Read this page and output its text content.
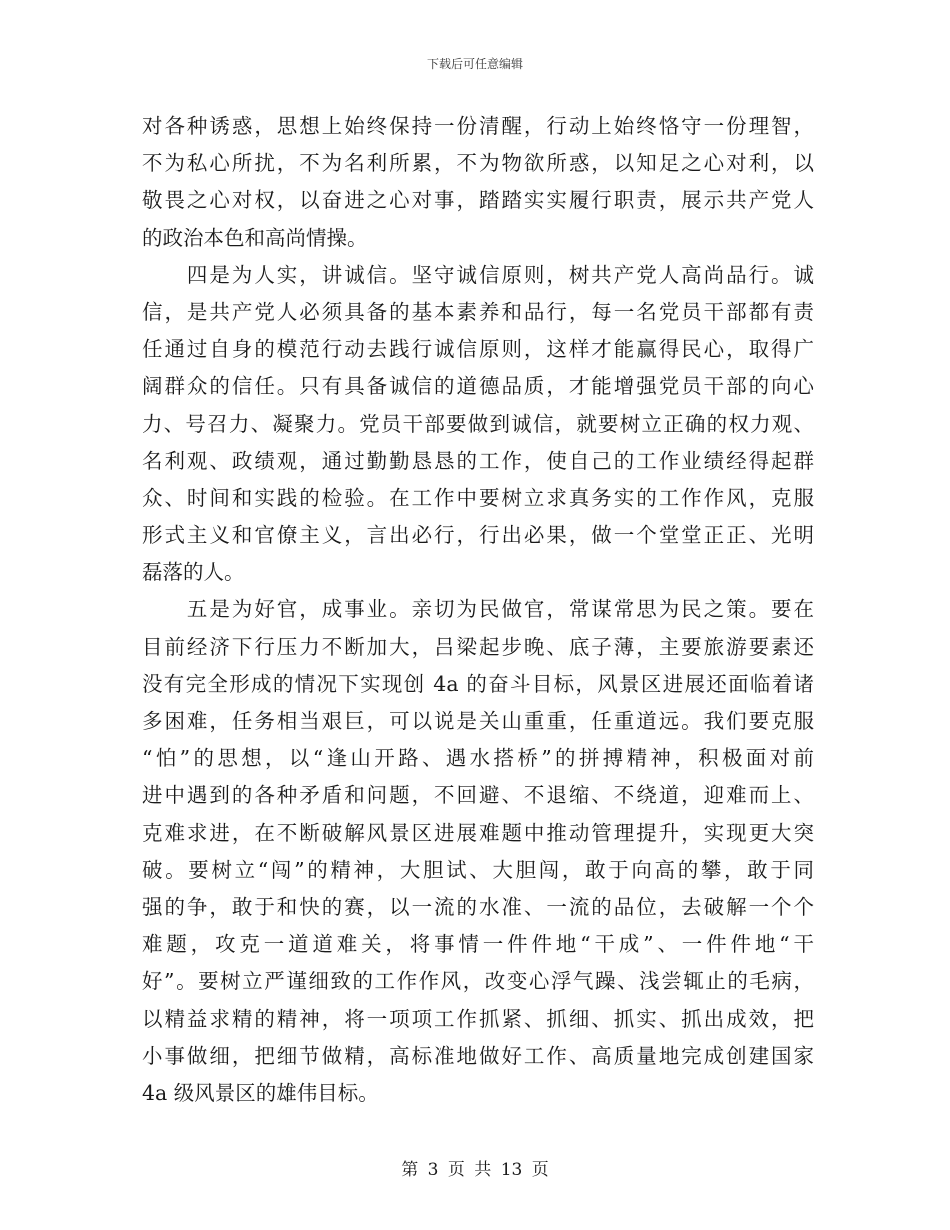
下载后可任意编辑
对各种诱惑，思想上始终保持一份清醒，行动上始终恪守一份理智，
不为私心所扰，不为名利所累，不为物欲所惑，以知足之心对利，以
敬畏之心对权，以奋进之心对事，踏踏实实履行职责，展示共产党人
的政治本色和高尚情操。
　　四是为人实，讲诚信。坚守诚信原则，树共产党人高尚品行。诚
信，是共产党人必须具备的基本素养和品行，每一名党员干部都有责
任通过自身的模范行动去践行诚信原则，这样才能赢得民心，取得广
阔群众的信任。只有具备诚信的道德品质，才能增强党员干部的向心
力、号召力、凝聚力。党员干部要做到诚信，就要树立正确的权力观、
名利观、政绩观，通过勤勤恳恳的工作，使自己的工作业绩经得起群
众、时间和实践的检验。在工作中要树立求真务实的工作作风，克服
形式主义和官僚主义，言出必行，行出必果，做一个堂堂正正、光明
磊落的人。
　　五是为好官，成事业。亲切为民做官，常谋常思为民之策。要在
目前经济下行压力不断加大，吕梁起步晚、底子薄，主要旅游要素还
没有完全形成的情况下实现创 4a 的奋斗目标，风景区进展还面临着诸
多困难，任务相当艰巨，可以说是关山重重，任重道远。我们要克服
“怕”的思想，以“逢山开路、遇水搭桥”的拼搏精神，积极面对前
进中遇到的各种矛盾和问题，不回避、不退缩、不绕道，迎难而上、
克难求进，在不断破解风景区进展难题中推动管理提升，实现更大突
破。要树立“闯”的精神，大胆试、大胆闯，敢于向高的攀，敢于同
强的争，敢于和快的赛，以一流的水准、一流的品位，去破解一个个
难题，攻克一道道难关，将事情一件件地“干成”、一件件地“干
好”。要树立严谨细致的工作作风，改变心浮气躁、浅尝辄止的毛病，
以精益求精的精神，将一项项工作抓紧、抓细、抓实、抓出成效，把
小事做细，把细节做精，高标准地做好工作、高质量地完成创建国家
4a 级风景区的雄伟目标。
第 3 页 共 13 页
